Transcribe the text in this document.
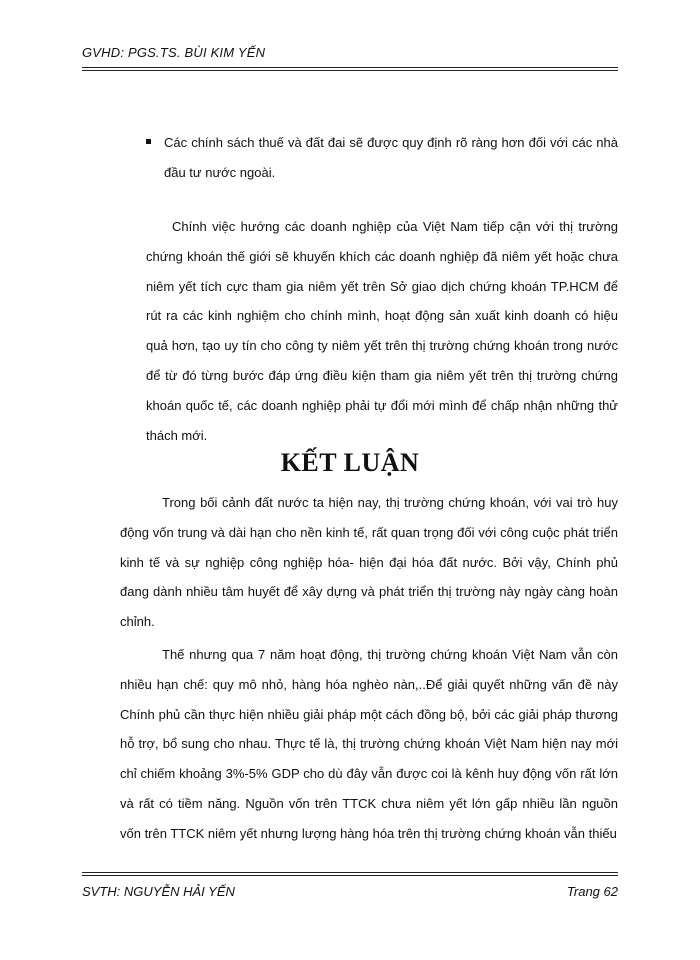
GVHD: PGS.TS. BÙI KIM YẾN

Các chính sách thuế và đất đai sẽ được quy định rõ ràng hơn đối với các nhà đầu tư nước ngoài.

Chính việc hướng các doanh nghiệp của Việt Nam tiếp cận với thị trường chứng khoán thế giới sẽ khuyến khích các doanh nghiệp đã niêm yết hoặc chưa niêm yết tích cực tham gia niêm yết trên Sở giao dịch chứng khoán TP.HCM để rút ra các kinh nghiệm cho chính mình, hoạt động sản xuất kinh doanh có hiệu quả hơn, tạo uy tín cho công ty niêm yết trên thị trường chứng khoán trong nước để từ đó từng bước đáp ứng điều kiện tham gia niêm yết trên thị trường chứng khoán quốc tế, các doanh nghiệp phải tự đổi mới mình để chấp nhận những thử thách mới.

KẾT LUẬN

Trong bối cảnh đất nước ta hiện nay, thị trường chứng khoán, với vai trò huy động vốn trung và dài hạn cho nền kinh tế, rất quan trọng đối với công cuộc phát triển kinh tế và sự nghiệp công nghiệp hóa- hiện đại hóa đất nước. Bởi vậy, Chính phủ đang dành nhiều tâm huyết để xây dựng và phát triển thị trường này ngày càng hoàn chỉnh.

Thế nhưng qua 7 năm hoạt động, thị trường chứng khoán Việt Nam vẫn còn nhiều hạn chế: quy mô nhỏ, hàng hóa nghèo nàn,..Để giải quyết những vấn đề này Chính phủ cần thực hiện nhiều giải pháp một cách đồng bộ, bởi các giải pháp thương hỗ trợ, bổ sung cho nhau. Thực tế là, thị trường chứng khoán Việt Nam hiện nay mới chỉ chiếm khoảng 3%-5% GDP cho dù đây vẫn được coi là kênh huy động vốn rất lớn và rất có tiềm năng. Nguồn vốn trên TTCK chưa niêm yết lớn gấp nhiều lần nguồn vốn trên TTCK niêm yết nhưng lượng hàng hóa trên thị trường chứng khoán vẫn thiếu

SVTH: NGUYỄN HẢI YẾN	Trang 62
